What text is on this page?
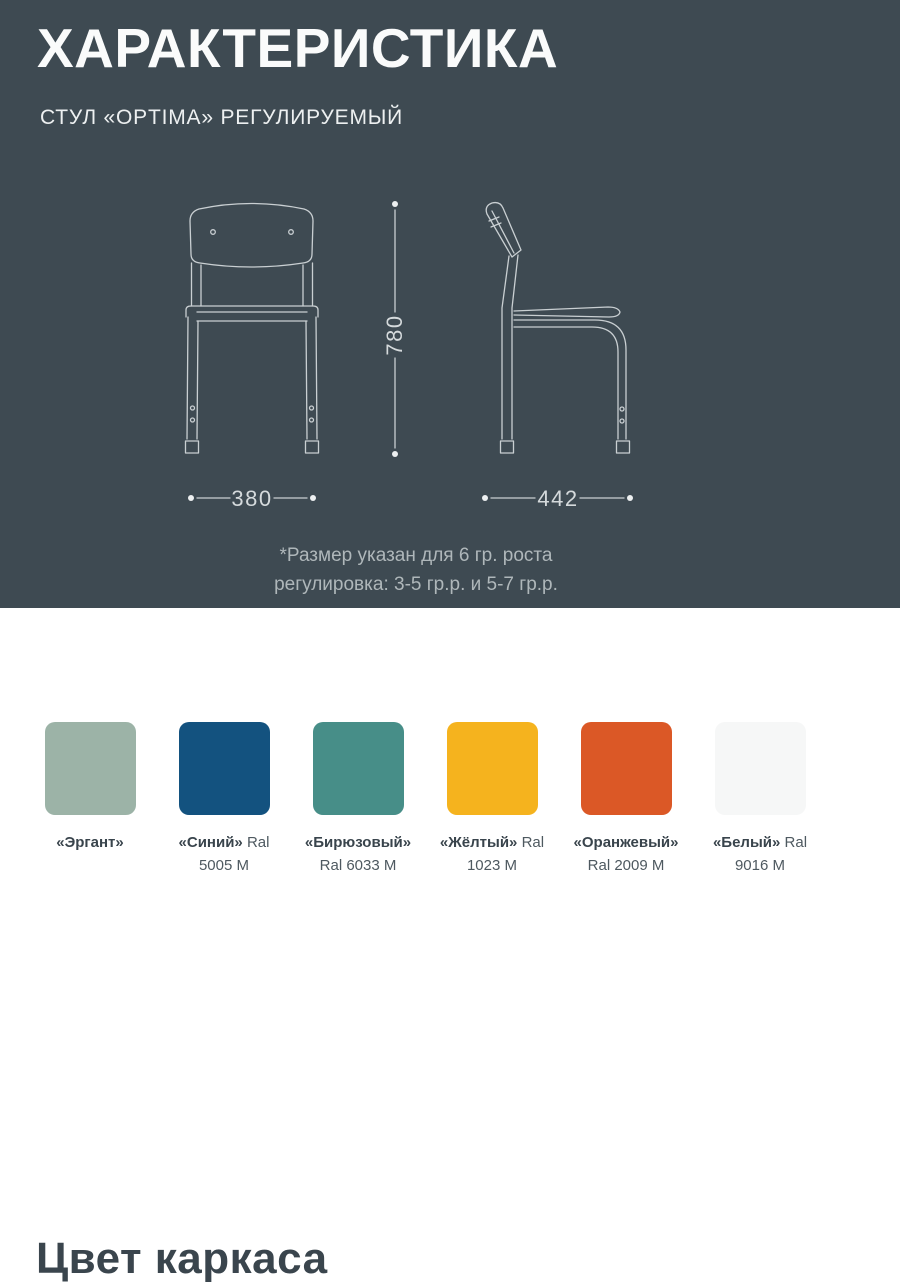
ХАРАКТЕРИСТИКА
СТУЛ «OPTIMA» РЕГУЛИРУЕМЫЙ
380
780
442
*Размер указан для 6 гр. роста
регулировка: 3-5 гр.р. и 5-7 гр.р.
Цвет каркаса
«Эргант»	«Синий» Ral 5005 M
«Бирюзовый» Ral 6033 M
«Жёлтый» Ral 1023 M
«Оранжевый» Ral 2009 M
«Белый» Ral 9016 M
